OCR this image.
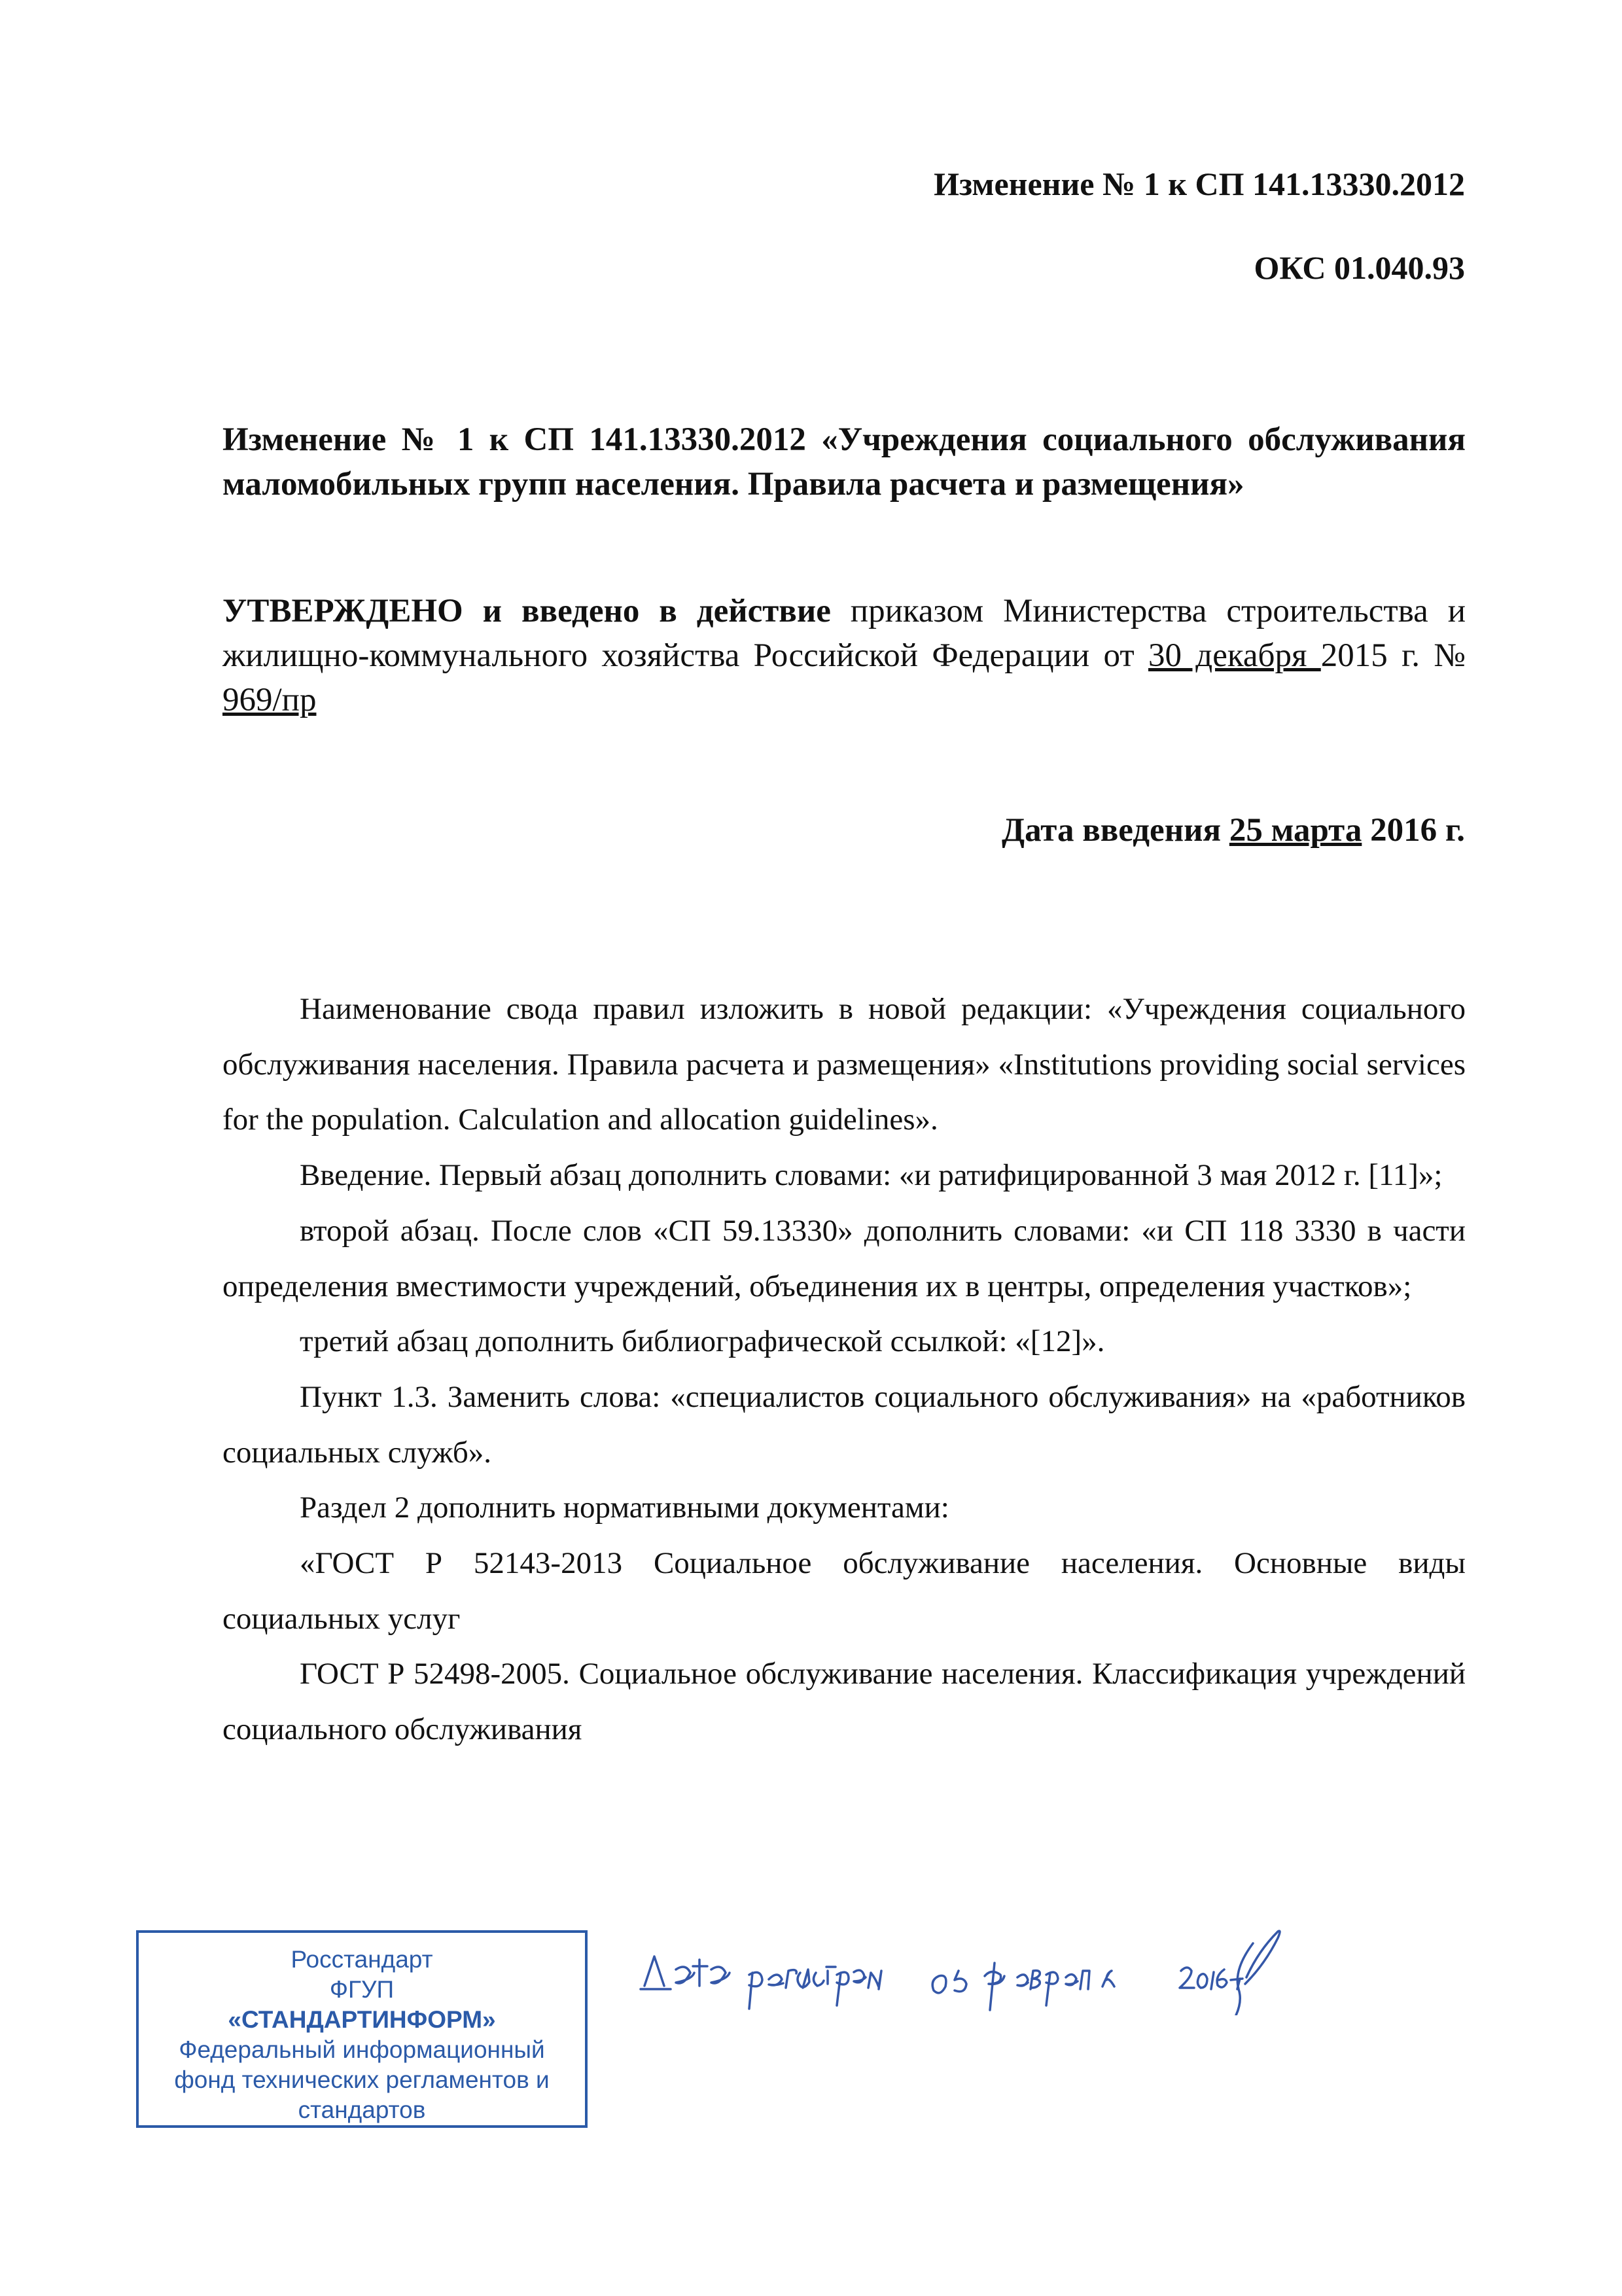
Изменение № 1 к СП 141.13330.2012
ОКС 01.040.93
Изменение № 1 к СП 141.13330.2012 «Учреждения социального обслуживания маломобильных групп населения. Правила расчета и размещения»
УТВЕРЖДЕНО и введено в действие приказом Министерства строительства и жилищно-коммунального хозяйства Российской Федерации от 30 декабря 2015 г. № 969/пр
Дата введения 25 марта 2016 г.

Наименование свода правил изложить в новой редакции: «Учреждения социального обслуживания населения. Правила расчета и размещения» «Institutions providing social services for the population. Calculation and allocation guidelines».

Введение. Первый абзац дополнить словами: «и ратифицированной 3 мая 2012 г. [11]»;

второй абзац. После слов «СП 59.13330» дополнить словами: «и СП 118 3330 в части определения вместимости учреждений, объединения их в центры, определения участков»;

третий абзац дополнить библиографической ссылкой: «[12]».

Пункт 1.3. Заменить слова: «специалистов социального обслуживания» на «работников социальных служб».

Раздел 2 дополнить нормативными документами:

«ГОСТ Р 52143-2013 Социальное обслуживание населения. Основные виды социальных услуг

ГОСТ Р 52498-2005. Социальное обслуживание населения. Классификация учреждений социального обслуживания

Росстандарт
ФГУП
«СТАНДАРТИНФОРМ»
Федеральный информационный
фонд технических регламентов и
стандартов
